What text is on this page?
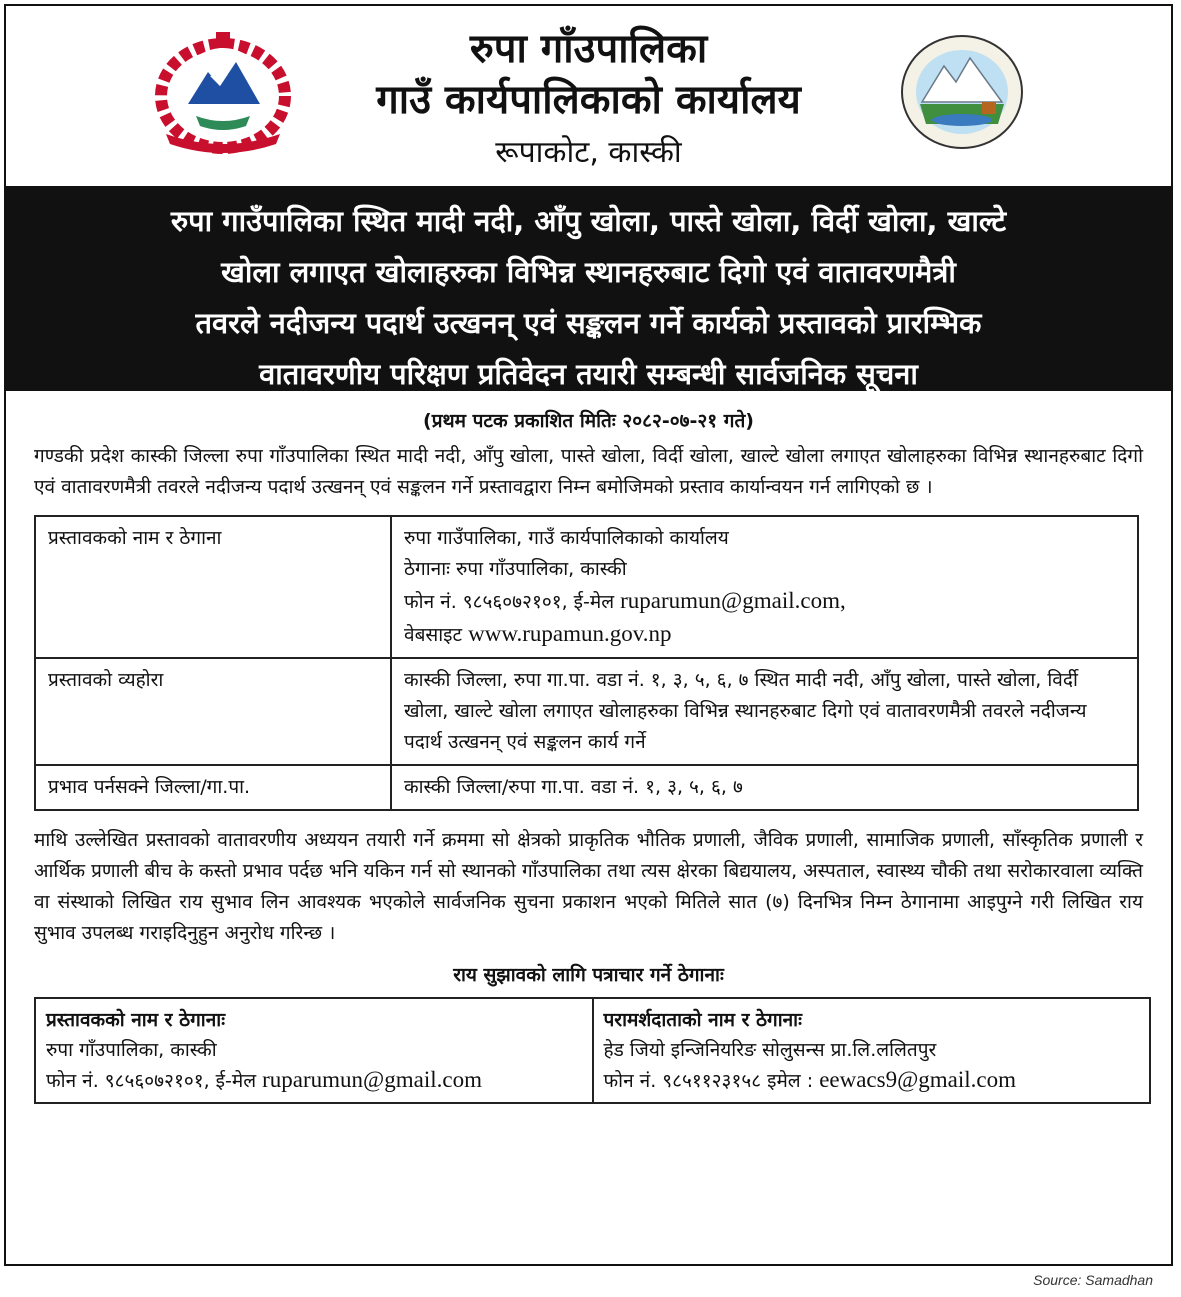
रुपा गाँउपालिका
गाउँ कार्यपालिकाको कार्यालय
रूपाकोट, कास्की
रुपा गाउँपालिका स्थित मादी नदी, आँपु खोला, पास्ते खोला, विर्दी खोला, खाल्टे
खोला लगाएत खोलाहरुका विभिन्न स्थानहरुबाट दिगो एवं वातावरणमैत्री
तवरले नदीजन्य पदार्थ उत्खनन् एवं सङ्कलन गर्ने कार्यको प्रस्तावको प्रारम्भिक
वातावरणीय परिक्षण प्रतिवेदन तयारी सम्बन्धी सार्वजनिक सूचना
(प्रथम पटक प्रकाशित मितिः २०८२-०७-२१ गते)

गण्डकी प्रदेश कास्की जिल्ला रुपा गाँउपालिका स्थित मादी नदी, आँपु खोला, पास्ते खोला, विर्दी खोला, खाल्टे खोला लगाएत खोलाहरुका विभिन्न स्थानहरुबाट दिगो एवं वातावरणमैत्री तवरले नदीजन्य पदार्थ उत्खनन् एवं सङ्कलन गर्ने प्रस्तावद्वारा निम्न बमोजिमको प्रस्ताव कार्यान्वयन गर्न लागिएको छ ।

प्रस्तावकको नाम र ठेगाना	रुपा गाउँपालिका, गाउँ कार्यपालिकाको कार्यालय
ठेगानाः रुपा गाँउपालिका, कास्की
फोन नं. ९८५६०७२१०१, ई-मेल ruparumun@gmail.com,
वेबसाइट www.rupamun.gov.np

प्रस्तावको व्यहोरा	कास्की जिल्ला, रुपा गा.पा. वडा नं. १, ३, ५, ६, ७ स्थित मादी नदी, आँपु खोला, पास्ते खोला, विर्दी खोला, खाल्टे खोला लगाएत खोलाहरुका विभिन्न स्थानहरुबाट दिगो एवं वातावरणमैत्री तवरले नदीजन्य पदार्थ उत्खनन् एवं सङ्कलन कार्य गर्ने
प्रभाव पर्नसक्ने जिल्ला/गा.पा.	कास्की जिल्ला/रुपा गा.पा. वडा नं. १, ३, ५, ६, ७

माथि उल्लेखित प्रस्तावको वातावरणीय अध्ययन तयारी गर्ने क्रममा सो क्षेत्रको प्राकृतिक भौतिक प्रणाली, जैविक प्रणाली, सामाजिक प्रणाली, साँस्कृतिक प्रणाली र आर्थिक प्रणाली बीच के कस्तो प्रभाव पर्दछ भनि यकिन गर्न सो स्थानको गाँउपालिका तथा त्यस क्षेरका बिद्ययालय, अस्पताल, स्वास्थ्य चौकी तथा सरोकारवाला व्यक्ति वा संस्थाको लिखित राय सुभाव लिन आवश्यक भएकोले सार्वजनिक सुचना प्रकाशन भएको मितिले सात (७) दिनभित्र निम्न ठेगानामा आइपुग्ने गरी लिखित राय सुभाव उपलब्ध गराइदिनुहुन अनुरोध गरिन्छ ।

राय सुझावको लागि पत्राचार गर्ने ठेगानाः
प्रस्तावकको नाम र ठेगानाः
रुपा गाँउपालिका, कास्की
फोन नं. ९८५६०७२१०१, ई-मेल ruparumun@gmail.com

परामर्शदाताको नाम र ठेगानाः
हेड जियो इन्जिनियरिङ सोलुसन्स प्रा.लि.ललितपुर
फोन नं. ९८५११२३१५८ इमेल : eewacs9@gmail.com
Source: Samadhan
